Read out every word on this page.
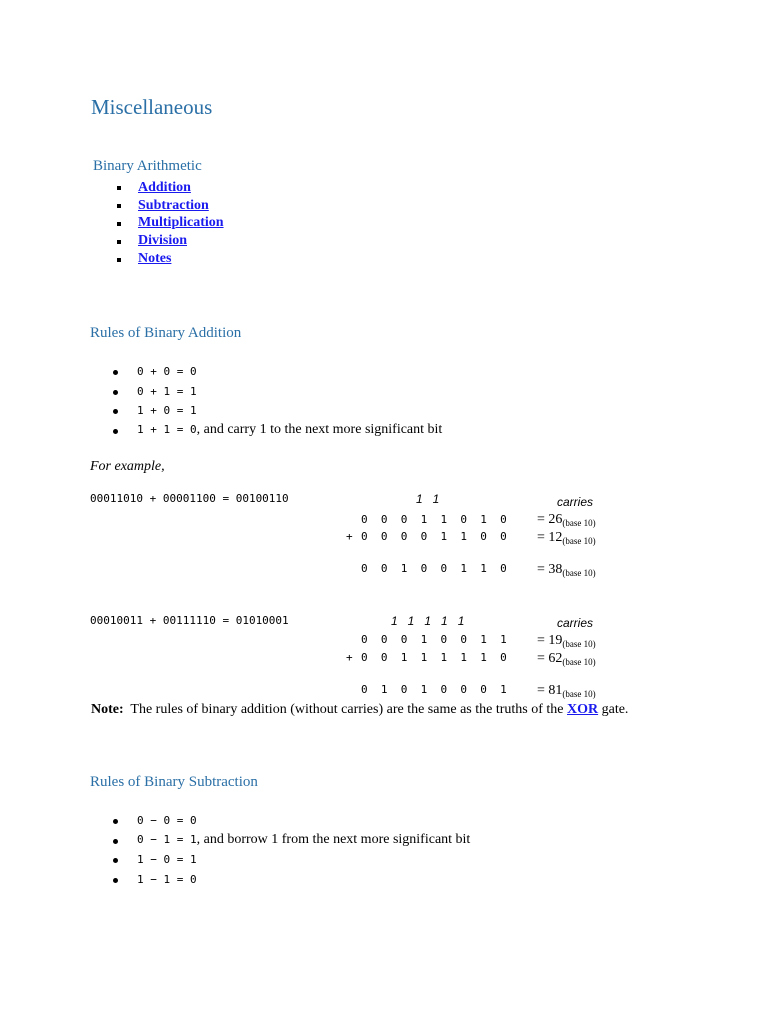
Miscellaneous
Binary Arithmetic
Addition
Subtraction
Multiplication
Division
Notes
Rules of Binary Addition
0 + 0 = 0
0 + 1 = 1
1 + 0 = 1
1 + 1 = 0, and carry 1 to the next more significant bit
For example,
00011010 + 00001100 = 00100110	1   1	carries
0  0  0  1  1  0  1  $0 = 26_{(base 10)}$
+ 0  0  0  0  1  1  0  $0 = 12_{(base 10)}$
0  0  1  0  0  1  1  $0 = 38_{(base 10)}$
00010011 + 00111110 = 01010001	1   1   1   1   1	carries
0  0  0  1  0  0  1  $1 = 19_{(base 10)}$
+ 0  0  1  1  1  1  1  $0 = 62_{(base 10)}$
0  1  0  1  0  0  0  $1 = 81_{(base 10)}$
Note: The rules of binary addition (without carries) are the same as the truths of the XOR gate.
Rules of Binary Subtraction
0 − 0 = 0
0 − 1 = 1, and borrow 1 from the next more significant bit
1 − 0 = 1
1 − 1 = 0
